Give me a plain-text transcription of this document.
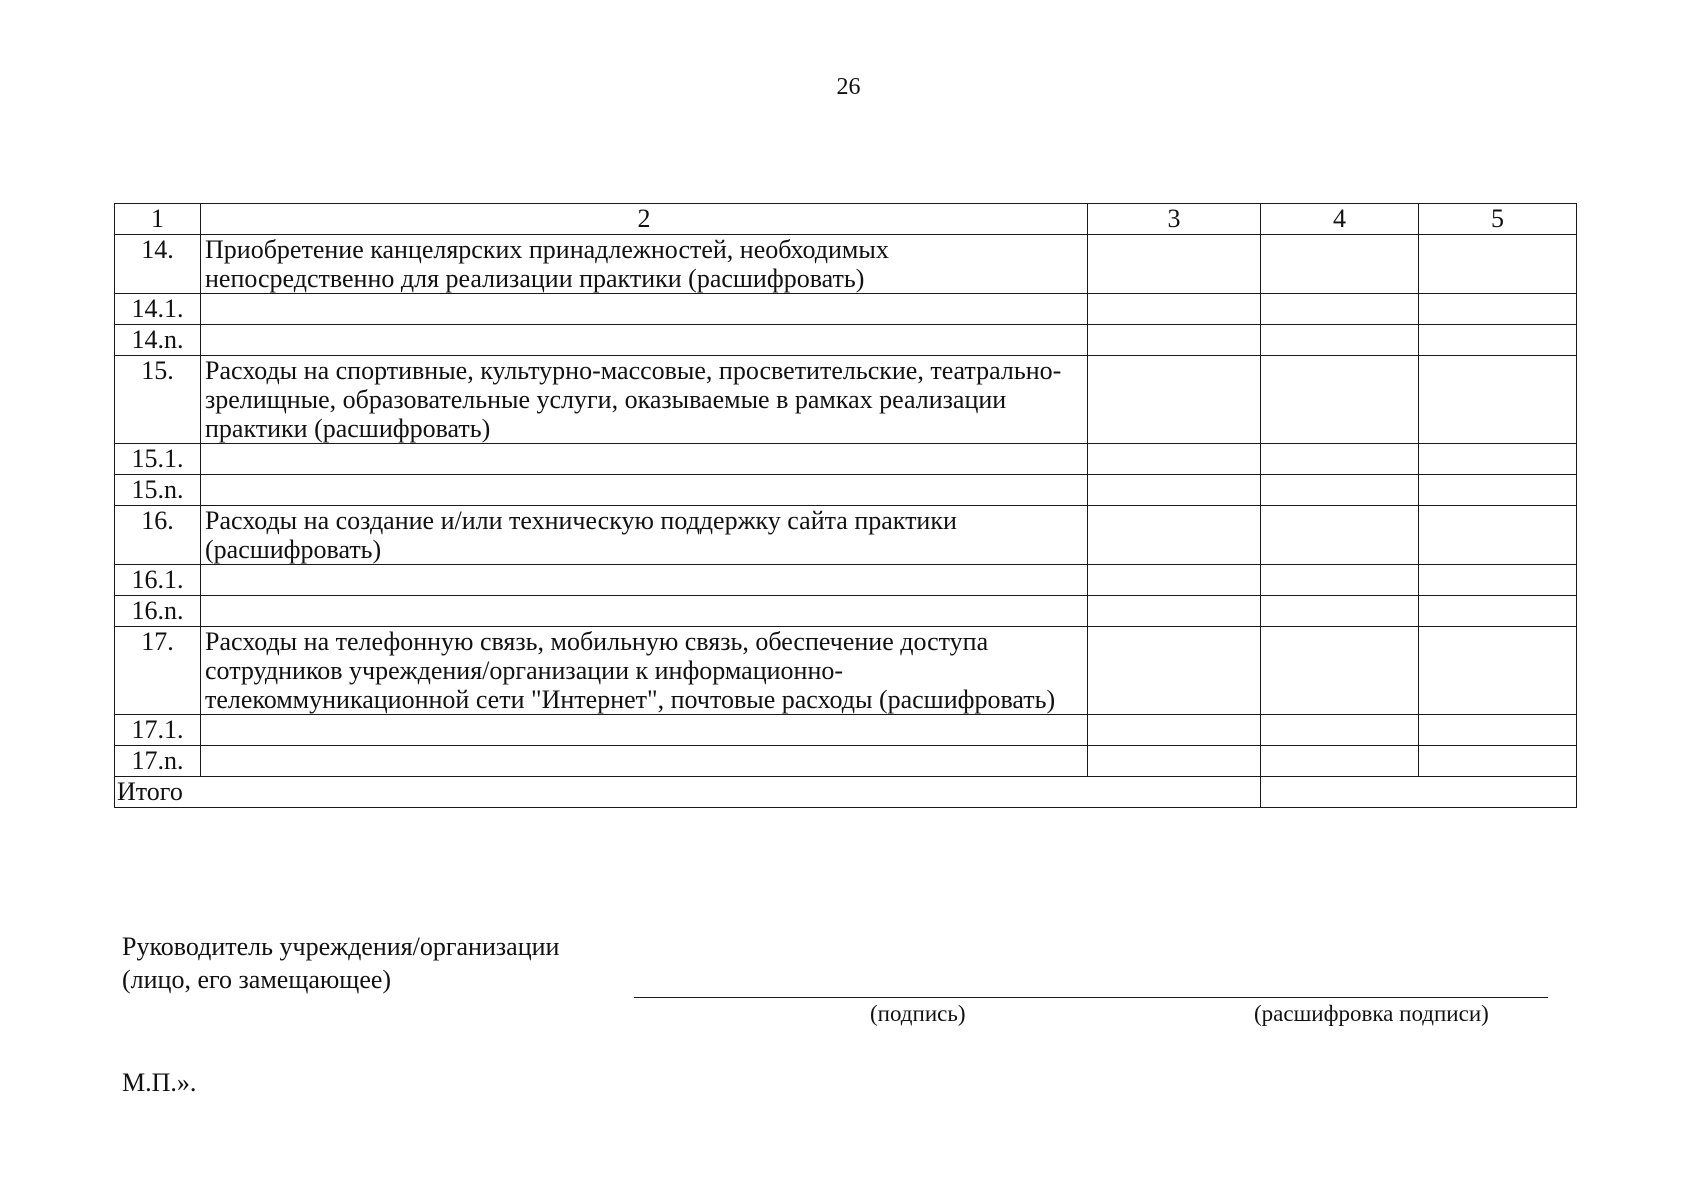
26
1	2	3	4	5
14.	Приобретение канцелярских принадлежностей, необходимых непосредственно для реализации практики (расшифровать)			
14.1.				
14.n.				
15.	Расходы на спортивные, культурно-массовые, просветительские, театрально-зрелищные, образовательные услуги, оказываемые в рамках реализации практики (расшифровать)			
15.1.				
15.n.				
16.	Расходы на создание и/или техническую поддержку сайта практики (расшифровать)			
16.1.				
16.n.				
17.	Расходы на телефонную связь, мобильную связь, обеспечение доступа сотрудников учреждения/организации к информационно-телекоммуникационной сети "Интернет", почтовые расходы (расшифровать)			
17.1.				
17.n.				
Итого				
Руководитель учреждения/организации
(лицо, его замещающее)
(подпись)	(расшифровка подписи)
М.П.».
